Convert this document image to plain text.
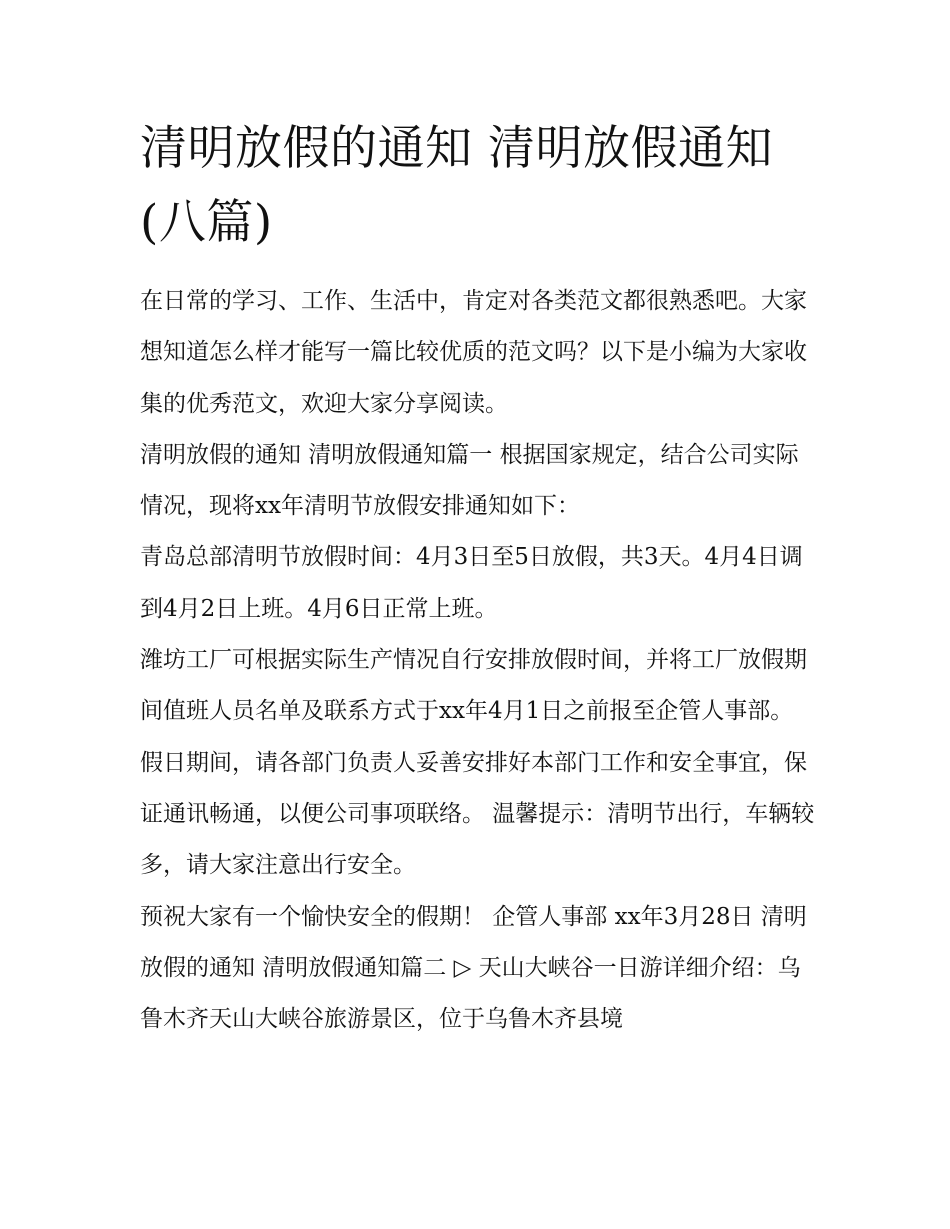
清明放假的通知 清明放假通知(八篇)

在日常的学习、工作、生活中，肯定对各类范文都很熟悉吧。大家想知道怎么样才能写一篇比较优质的范文吗？以下是小编为大家收集的优秀范文，欢迎大家分享阅读。

清明放假的通知 清明放假通知篇一 根据国家规定，结合公司实际情况，现将xx年清明节放假安排通知如下：

青岛总部清明节放假时间：4月3日至5日放假，共3天。4月4日调到4月2日上班。4月6日正常上班。

潍坊工厂可根据实际生产情况自行安排放假时间，并将工厂放假期间值班人员名单及联系方式于xx年4月1日之前报至企管人事部。

假日期间，请各部门负责人妥善安排好本部门工作和安全事宜，保证通讯畅通，以便公司事项联络。 温馨提示：清明节出行，车辆较多，请大家注意出行安全。

预祝大家有一个愉快安全的假期！ 企管人事部 xx年3月28日 清明放假的通知 清明放假通知篇二 ▷ 天山大峡谷一日游详细介绍：乌鲁木齐天山大峡谷旅游景区，位于乌鲁木齐县境
